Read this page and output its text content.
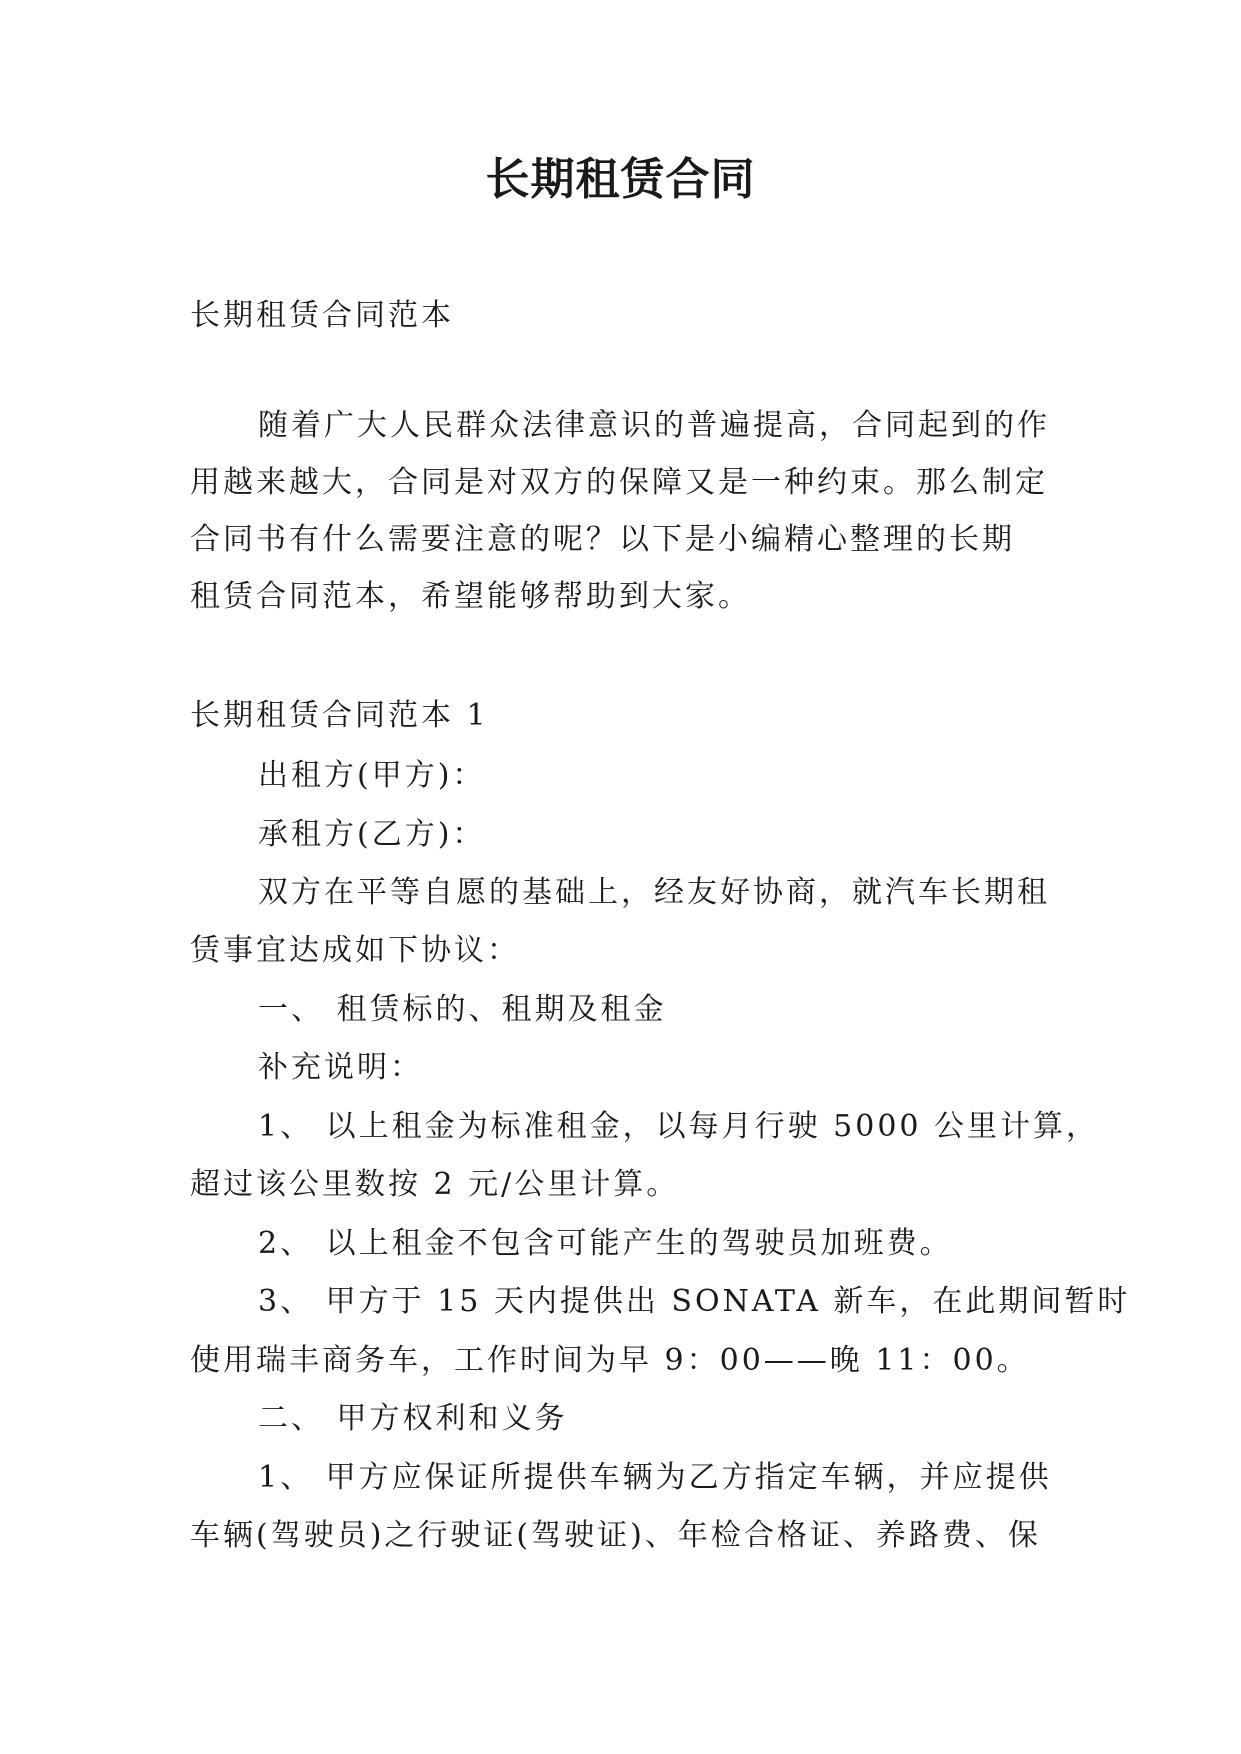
长期租赁合同
长期租赁合同范本
随着广大人民群众法律意识的普遍提高，合同起到的作
用越来越大，合同是对双方的保障又是一种约束。那么制定
合同书有什么需要注意的呢？以下是小编精心整理的长期
租赁合同范本，希望能够帮助到大家。
长期租赁合同范本 1
出租方(甲方)：
承租方(乙方)：
双方在平等自愿的基础上，经友好协商，就汽车长期租
赁事宜达成如下协议：
一、 租赁标的、租期及租金
补充说明：
1、 以上租金为标准租金，以每月行驶 5000 公里计算，
超过该公里数按 2 元/公里计算。
2、 以上租金不包含可能产生的驾驶员加班费。
3、 甲方于 15 天内提供出 SONATA 新车，在此期间暂时
使用瑞丰商务车，工作时间为早 9：00——晚 11：00。
二、 甲方权利和义务
1、 甲方应保证所提供车辆为乙方指定车辆，并应提供
车辆(驾驶员)之行驶证(驾驶证)、年检合格证、养路费、保
